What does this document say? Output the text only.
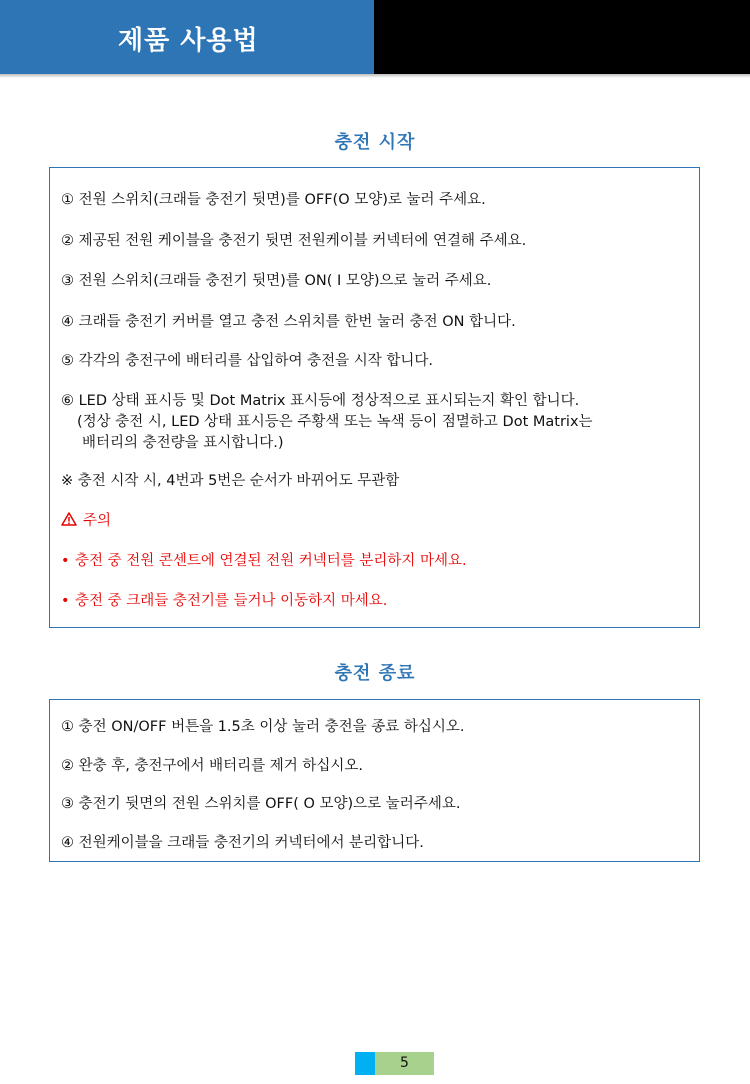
제품 사용법
충전 시작
① 전원 스위치(크래들 충전기 뒷면)를 OFF(O 모양)로 눌러 주세요.
② 제공된 전원 케이블을 충전기 뒷면 전원케이블 커넥터에 연결해 주세요.
③ 전원 스위치(크래들 충전기 뒷면)를 ON( I 모양)으로 눌러 주세요.
④ 크래들 충전기 커버를 열고 충전 스위치를 한번 눌러 충전 ON 합니다.
⑤ 각각의 충전구에 배터리를 삽입하여 충전을 시작 합니다.
⑥ LED 상태 표시등 및 Dot Matrix 표시등에 정상적으로 표시되는지 확인 합니다.
(정상 충전 시, LED 상태 표시등은 주황색 또는 녹색 등이 점멸하고 Dot Matrix는
배터리의 충전량을 표시합니다.)
※ 충전 시작 시, 4번과 5번은 순서가 바뀌어도 무관함
주의
• 충전 중 전원 콘센트에 연결된 전원 커넥터를 분리하지 마세요.
• 충전 중 크래들 충전기를 들거나 이동하지 마세요.
충전 종료
① 충전 ON/OFF 버튼을 1.5초 이상 눌러 충전을 종료 하십시오.
② 완충 후, 충전구에서 배터리를 제거 하십시오.
③ 충전기 뒷면의 전원 스위치를 OFF( O 모양)으로 눌러주세요.
④ 전원케이블을 크래들 충전기의 커넥터에서 분리합니다.
5
